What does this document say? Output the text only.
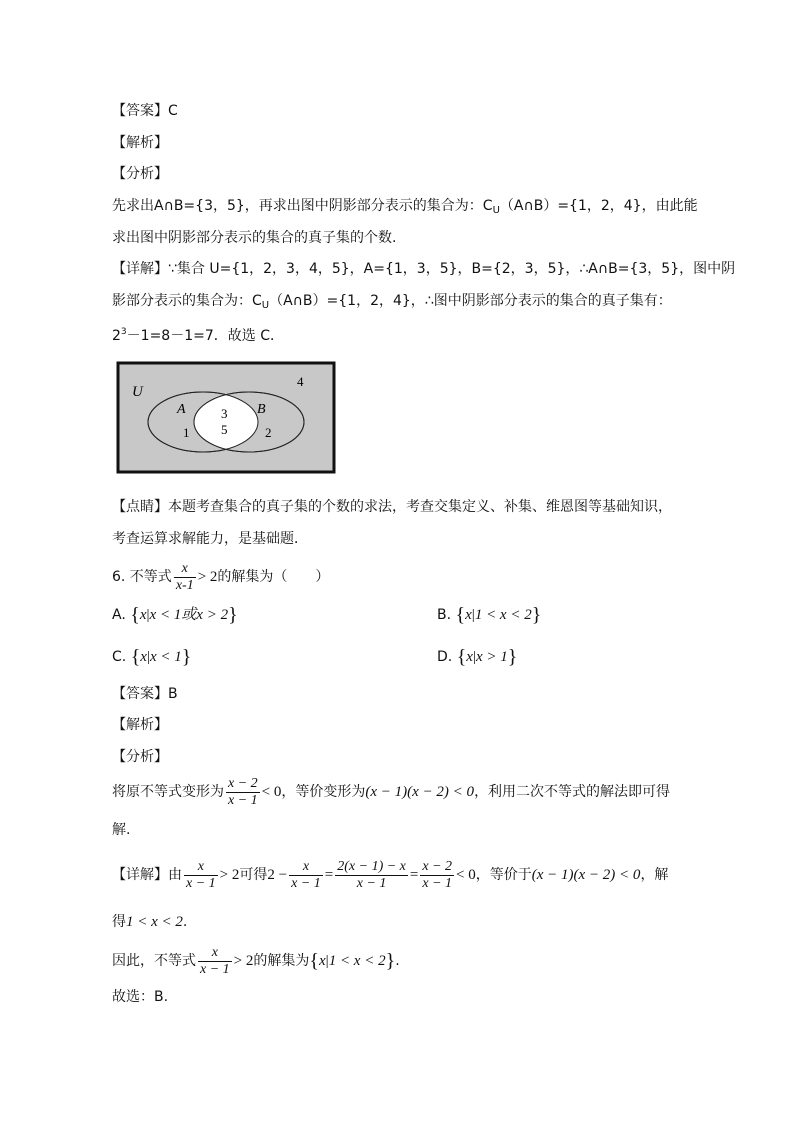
【答案】C
【解析】
【分析】
先求出A∩B={3，5}，再求出图中阴影部分表示的集合为：$C_U(A\cap B)=\{1$，2，4}，由此能
求出图中阴影部分表示的集合的真子集的个数.
【详解】∵集合 U={1，2，3，4，5}，A={1，3，5}，B={2，3，5}，∴A∩B={3，5}，图中阴
影部分表示的集合为：$C_U(A\cap B)=\{1$，2，4}，∴图中阴影部分表示的集合的真子集有：
$2^3-1=8-1=7$．故选 C．
U
4
A	B
1	2
3
5
【点睛】本题考查集合的真子集的个数的求法，考查交集定义、补集、维恩图等基础知识，
考查运算求解能力，是基础题．
6. 不等式 $\frac{x}{x-1} > 2$的解集为（　　）
A. {x|x < 1或x > 2}	B. {x|1 < x < 2}
C. {x|x < 1}	D. {x|x > 1}
【答案】B
【解析】
【分析】
将原不等式变形为 $\frac{x - 2}{x - 1} < 0$，等价变形为(x − 1)(x − 2) < 0，利用二次不等式的解法即可得
解.
【详解】由 $\frac{x}{x - 1} > 2$可得$2 - \frac{x}{x - 1} = \frac{2(x - 1) - x}{x - 1} = \frac{x - 2}{x - 1} < 0$，等价于(x − 1)(x − 2) < 0，解
得1 < x < 2.
因此，不等式 $\frac{x}{x - 1} > 2$的解集为{x|1 < x < 2}.
故选：B.
